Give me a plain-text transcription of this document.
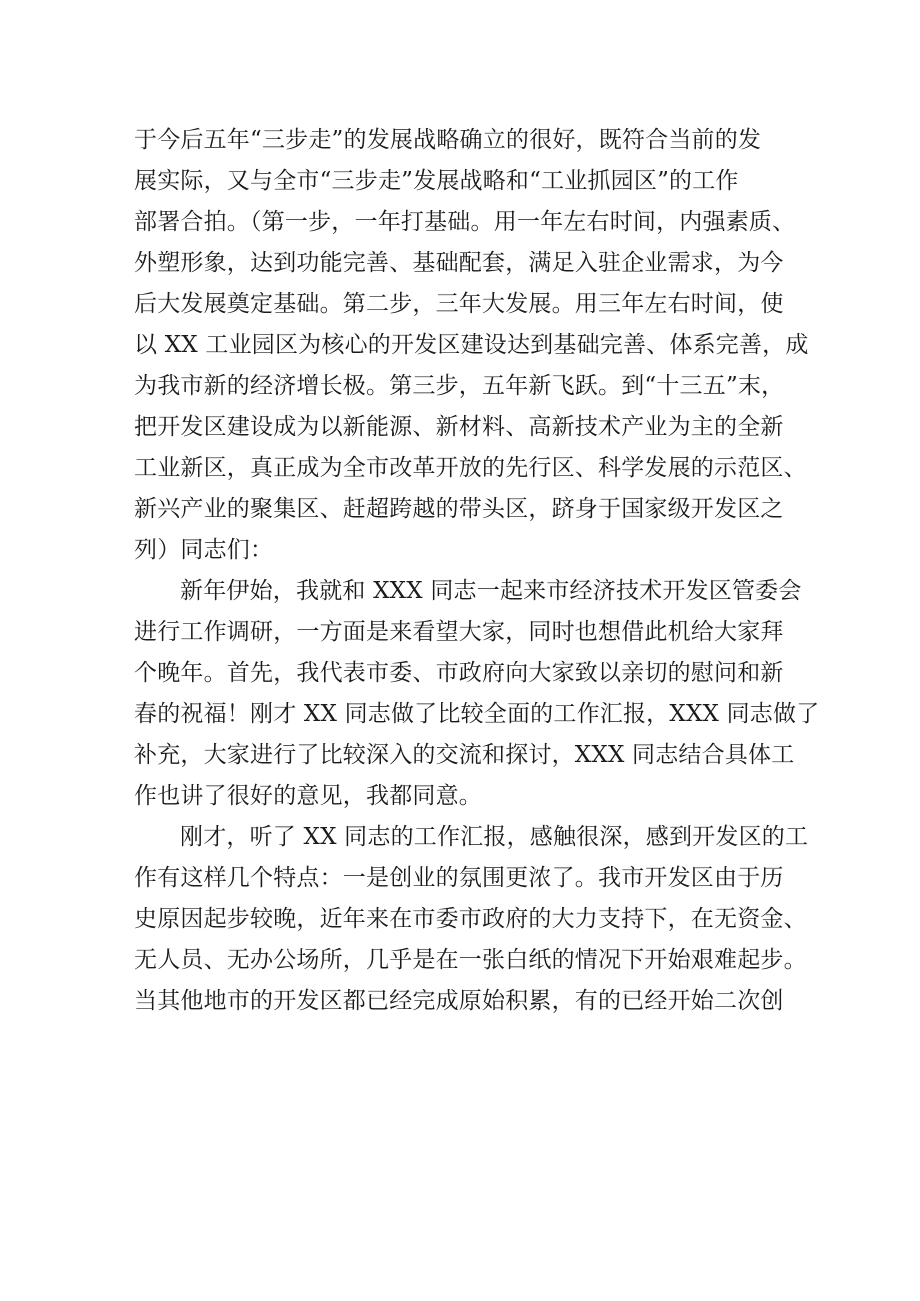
于今后五年“三步走”的发展战略确立的很好，既符合当前的发
展实际，又与全市“三步走”发展战略和“工业抓园区”的工作
部署合拍。（第一步，一年打基础。用一年左右时间，内强素质、
外塑形象，达到功能完善、基础配套，满足入驻企业需求，为今
后大发展奠定基础。第二步，三年大发展。用三年左右时间，使
以 XX 工业园区为核心的开发区建设达到基础完善、体系完善，成
为我市新的经济增长极。第三步，五年新飞跃。到“十三五”末，
把开发区建设成为以新能源、新材料、高新技术产业为主的全新
工业新区，真正成为全市改革开放的先行区、科学发展的示范区、
新兴产业的聚集区、赶超跨越的带头区，跻身于国家级开发区之
列）同志们：

新年伊始，我就和 XXX 同志一起来市经济技术开发区管委会
进行工作调研，一方面是来看望大家，同时也想借此机给大家拜
个晚年。首先，我代表市委、市政府向大家致以亲切的慰问和新
春的祝福！刚才 XX 同志做了比较全面的工作汇报，XXX 同志做了
补充，大家进行了比较深入的交流和探讨，XXX 同志结合具体工
作也讲了很好的意见，我都同意。

刚才，听了 XX 同志的工作汇报，感触很深，感到开发区的工
作有这样几个特点：一是创业的氛围更浓了。我市开发区由于历
史原因起步较晚，近年来在市委市政府的大力支持下，在无资金、
无人员、无办公场所，几乎是在一张白纸的情况下开始艰难起步。
当其他地市的开发区都已经完成原始积累，有的已经开始二次创
